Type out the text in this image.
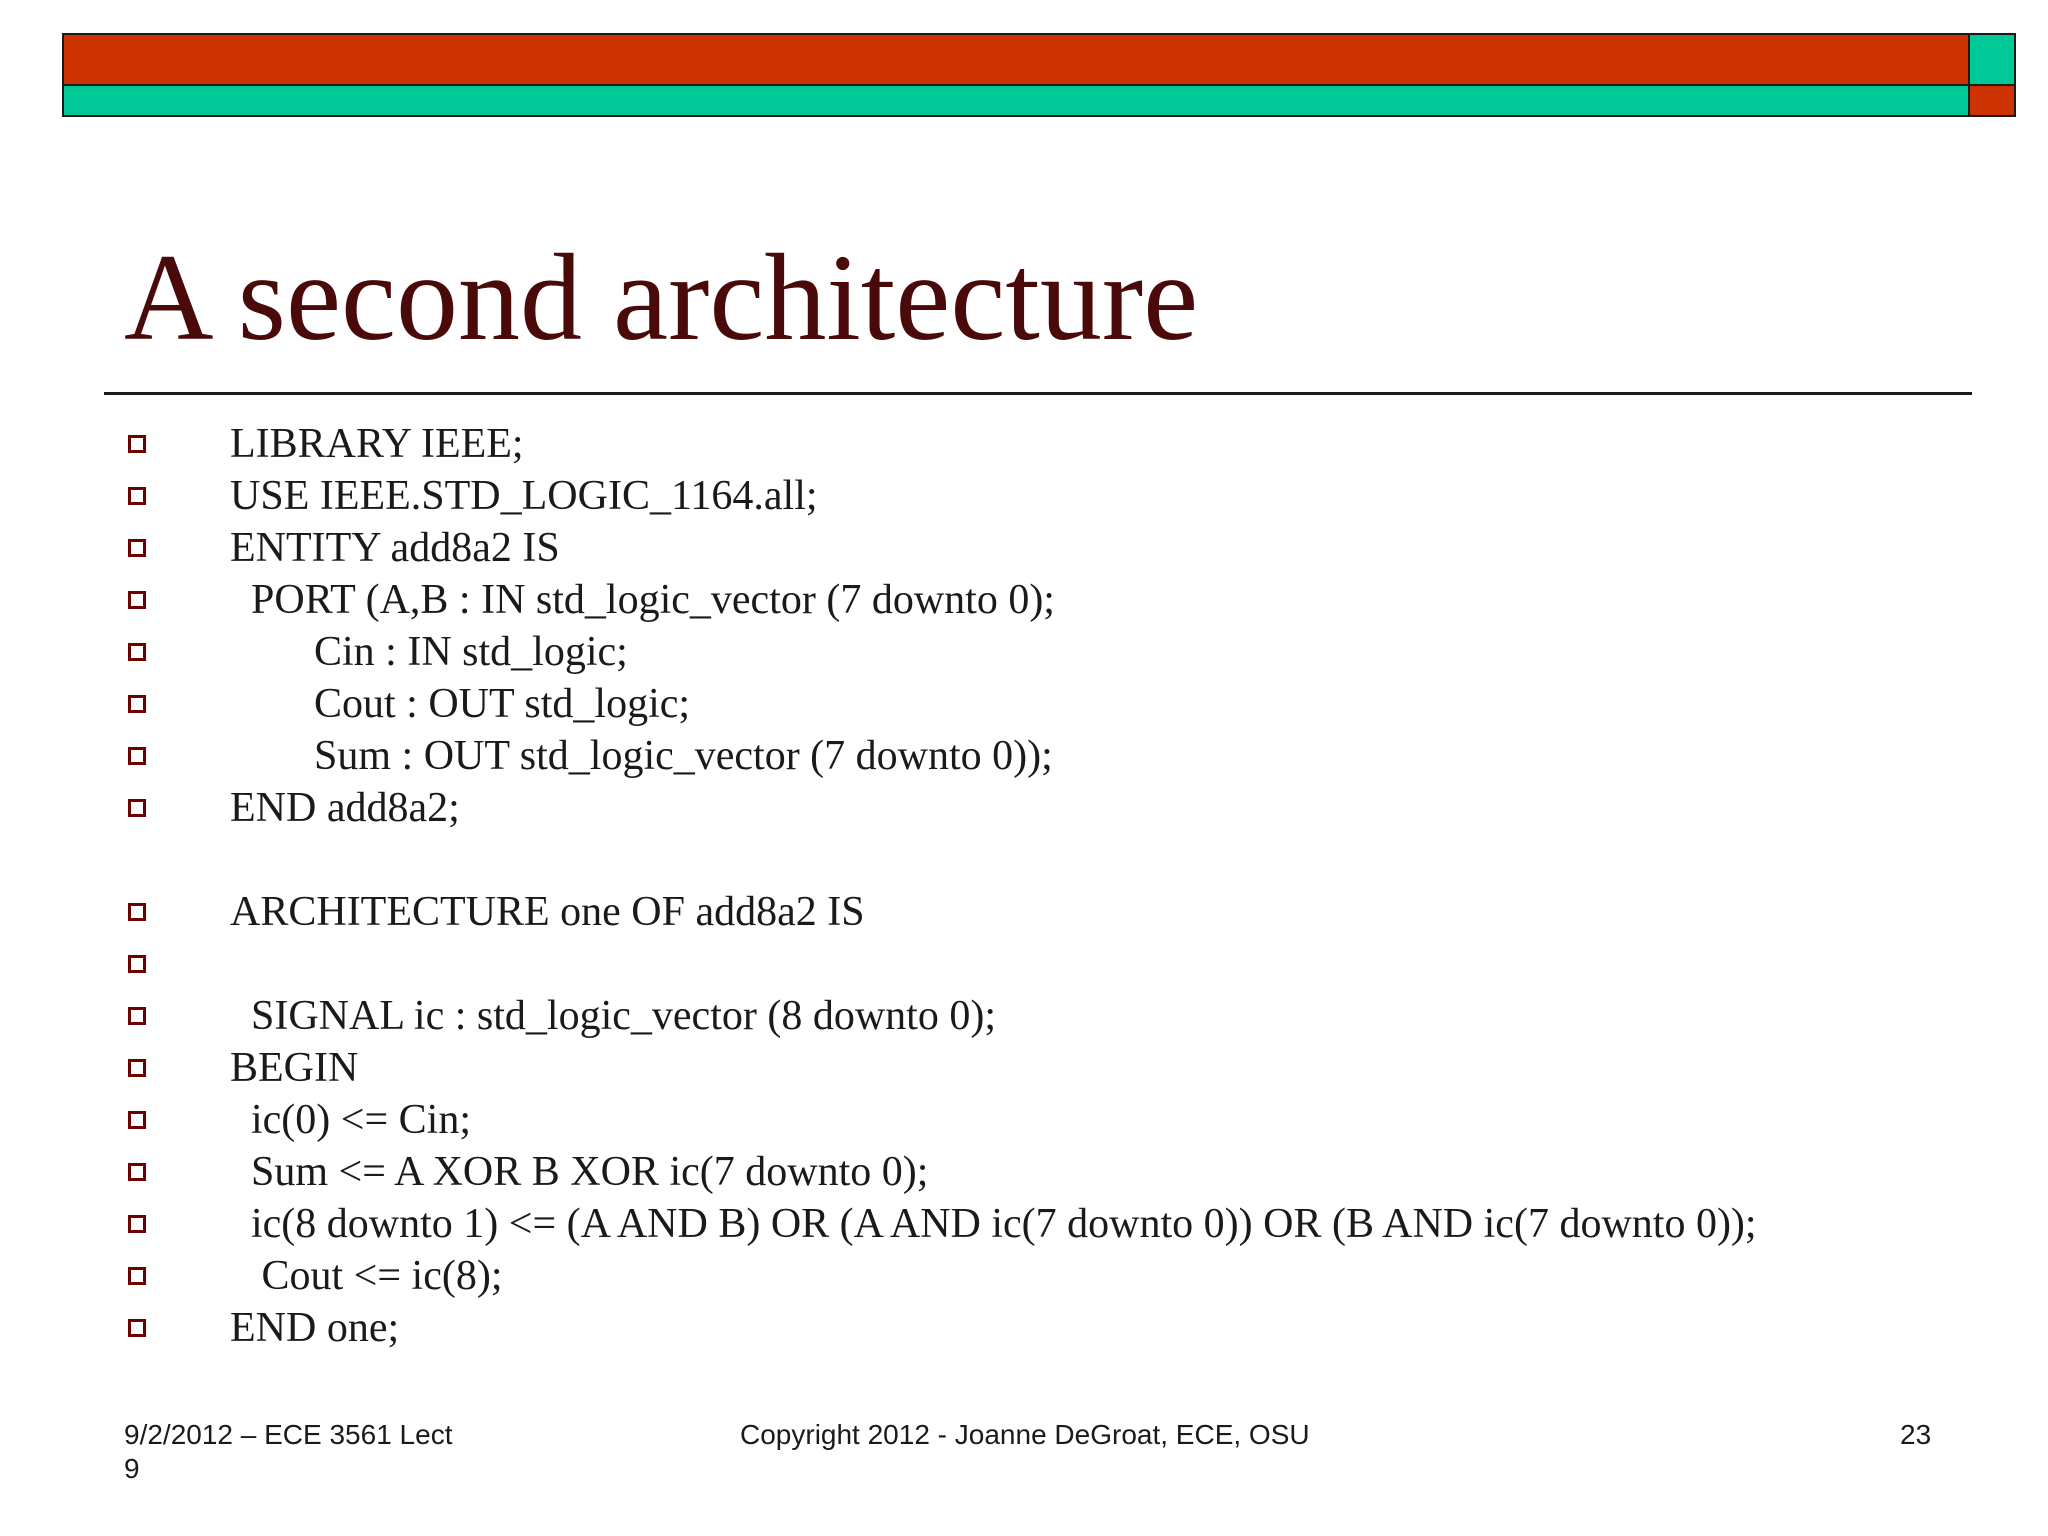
A second architecture
LIBRARY IEEE;
USE IEEE.STD_LOGIC_1164.all;
ENTITY add8a2 IS
PORT (A,B : IN std_logic_vector (7 downto 0);
Cin : IN std_logic;
Cout : OUT std_logic;
Sum : OUT std_logic_vector (7 downto 0));
END add8a2;
ARCHITECTURE one OF add8a2 IS
SIGNAL ic : std_logic_vector (8 downto 0);
BEGIN
ic(0) <= Cin;
Sum <= A XOR B XOR ic(7 downto 0);
ic(8 downto 1) <= (A AND B) OR (A AND ic(7 downto 0)) OR (B AND ic(7 downto 0));
Cout <= ic(8);
END one;
9/2/2012 – ECE 3561 Lect
9
Copyright 2012 - Joanne DeGroat, ECE, OSU	23
